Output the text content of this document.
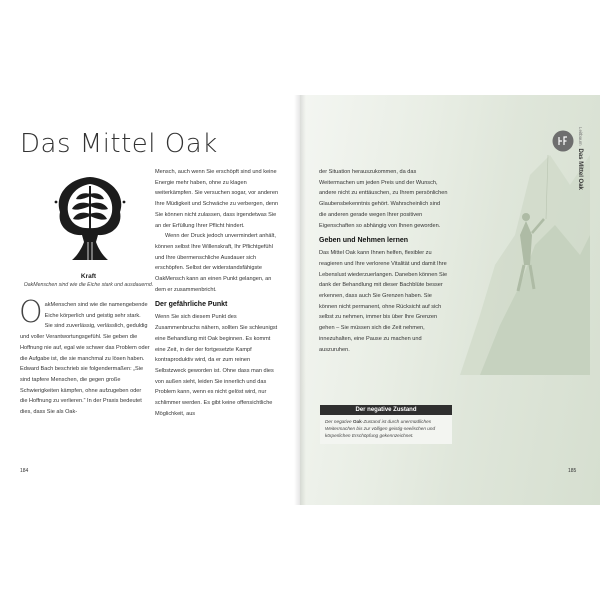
Das Mittel Oak
Kraft
OakMenschen sind wie die Eiche stark und ausdauernd.

OakMenschen sind wie die namengebende Eiche körperlich und geistig sehr stark. Sie sind zuverlässig, verlässlich, geduldig und voller Verantwortungsgefühl. Sie geben die Hoffnung nie auf, egal wie schwer das Problem oder die Aufgabe ist, die sie manchmal zu lösen haben. Edward Bach beschrieb sie folgendermaßen: „Sie sind tapfere Menschen, die gegen große Schwierigkeiten kämpfen, ohne aufzugeben oder die Hoffnung zu verlieren.“ In der Praxis bedeutet dies, dass Sie als Oak-

Mensch, auch wenn Sie erschöpft sind und keine Energie mehr haben, ohne zu klagen weiterkämpfen. Sie versuchen sogar, vor anderen Ihre Müdigkeit und Schwäche zu verbergen, denn Sie können nicht zulassen, dass irgendetwas Sie an der Erfüllung Ihrer Pflicht hindert.

Wenn der Druck jedoch unvermindert anhält, können selbst Ihre Willenskraft, Ihr Pflichtgefühl und Ihre übermenschliche Ausdauer sich erschöpfen. Selbst der widerstandsfähigste OakMensch kann an einen Punkt gelangen, an dem er zusammenbricht.

Der gefährliche Punkt

Wenn Sie sich diesem Punkt des Zusammenbruchs nähern, sollten Sie schleunigst eine Behandlung mit Oak beginnen. Es kommt eine Zeit, in der der fortgesetzte Kampf kontraproduktiv wird, da er zum reinen Selbstzweck geworden ist. Ohne dass man dies von außen sieht, leiden Sie innerlich und das Problem kann, wenn es nicht gelöst wird, nur schlimmer werden. Es gibt keine offensichtliche Möglichkeit, aus

184

der Situation herauszukommen, da das Weitermachen um jeden Preis und der Wunsch, andere nicht zu enttäuschen, zu Ihrem persönlichen Glaubensbekenntnis gehört. Wahrscheinlich sind die anderen gerade wegen Ihrer positiven Eigenschaften so abhängig von Ihnen geworden.

Geben und Nehmen lernen

Das Mittel Oak kann Ihnen helfen, flexibler zu reagieren und Ihre verlorene Vitalität und damit Ihre Lebenslust wiederzuerlangen. Daneben können Sie dank der Behandlung mit dieser Bachblüte besser erkennen, dass auch Sie Grenzen haben. Sie können nicht permanent, ohne Rücksicht auf sich selbst zu nehmen, immer bis über Ihre Grenzen gehen – Sie müssen sich die Zeit nehmen, innezuhalten, eine Pause zu machen und auszuruhen.

Der negative Zustand
Der negative Oak-Zustand ist durch unermüdliches Weitermachen bis zur völligen geistig-seelischen und körperlichen Erschöpfung gekennzeichnet.
LeitbaumDas Mittel Oak
185
